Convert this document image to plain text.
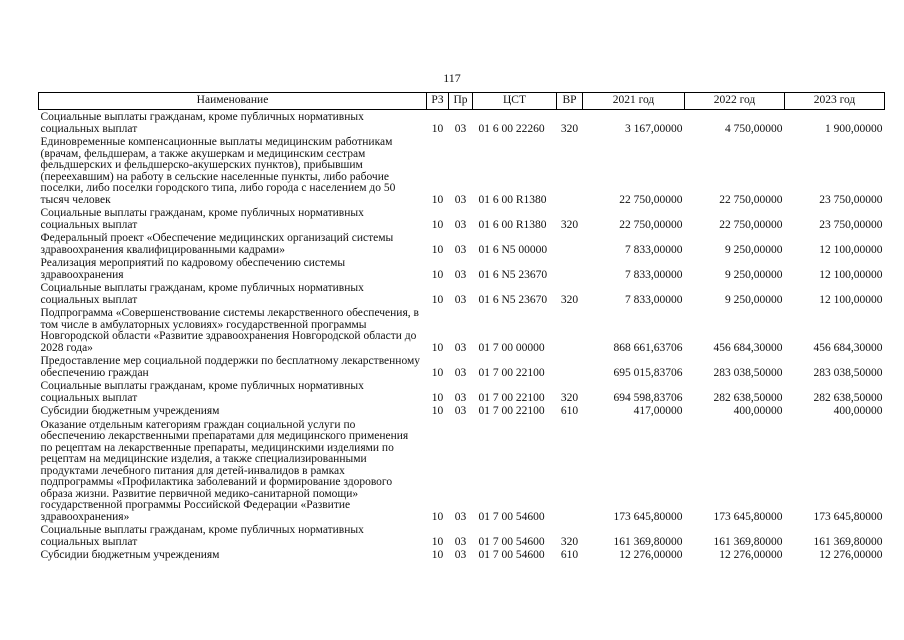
117
Наименование	РЗ	Пр	ЦСТ	ВР	2021 год	2022 год	2023 год
Социальные выплаты гражданам, кроме публичных нормативных социальных выплат	10	03	01 6 00 22260	320	3 167,00000	4 750,00000	1 900,00000
Единовременные компенсационные выплаты медицинским работникам (врачам, фельдшерам, а также акушеркам и медицинским сестрам фельдшерских и фельдшерско-акушерских пунктов), прибывшим (переехавшим) на работу в сельские населенные пункты, либо рабочие поселки, либо поселки городского типа, либо города с населением до 50 тысяч человек	10	03	01 6 00 R1380		22 750,00000	22 750,00000	23 750,00000
Социальные выплаты гражданам, кроме публичных нормативных социальных выплат	10	03	01 6 00 R1380	320	22 750,00000	22 750,00000	23 750,00000
Федеральный проект «Обеспечение медицинских организаций системы здравоохранения квалифицированными кадрами»	10	03	01 6 N5 00000		7 833,00000	9 250,00000	12 100,00000
Реализация мероприятий по кадровому обеспечению системы здравоохранения	10	03	01 6 N5 23670		7 833,00000	9 250,00000	12 100,00000
Социальные выплаты гражданам, кроме публичных нормативных социальных выплат	10	03	01 6 N5 23670	320	7 833,00000	9 250,00000	12 100,00000
Подпрограмма «Совершенствование системы лекарственного обеспечения, в том числе в амбулаторных условиях» государственной программы Новгородской области «Развитие здравоохранения Новгородской области до 2028 года»	10	03	01 7 00 00000		868 661,63706	456 684,30000	456 684,30000
Предоставление мер социальной поддержки по бесплатному лекарственному обеспечению граждан	10	03	01 7 00 22100		695 015,83706	283 038,50000	283 038,50000
Социальные выплаты гражданам, кроме публичных нормативных социальных выплат	10	03	01 7 00 22100	320	694 598,83706	282 638,50000	282 638,50000
Субсидии бюджетным учреждениям	10	03	01 7 00 22100	610	417,00000	400,00000	400,00000
Оказание отдельным категориям граждан социальной услуги по обеспечению лекарственными препаратами для медицинского применения по рецептам на лекарственные препараты, медицинскими изделиями по рецептам на медицинские изделия, а также специализированными продуктами лечебного питания для детей-инвалидов в рамках подпрограммы «Профилактика заболеваний и формирование здорового образа жизни. Развитие первичной медико-санитарной помощи» государственной программы Российской Федерации «Развитие здравоохранения»	10	03	01 7 00 54600		173 645,80000	173 645,80000	173 645,80000
Социальные выплаты гражданам, кроме публичных нормативных социальных выплат	10	03	01 7 00 54600	320	161 369,80000	161 369,80000	161 369,80000
Субсидии бюджетным учреждениям	10	03	01 7 00 54600	610	12 276,00000	12 276,00000	12 276,00000
